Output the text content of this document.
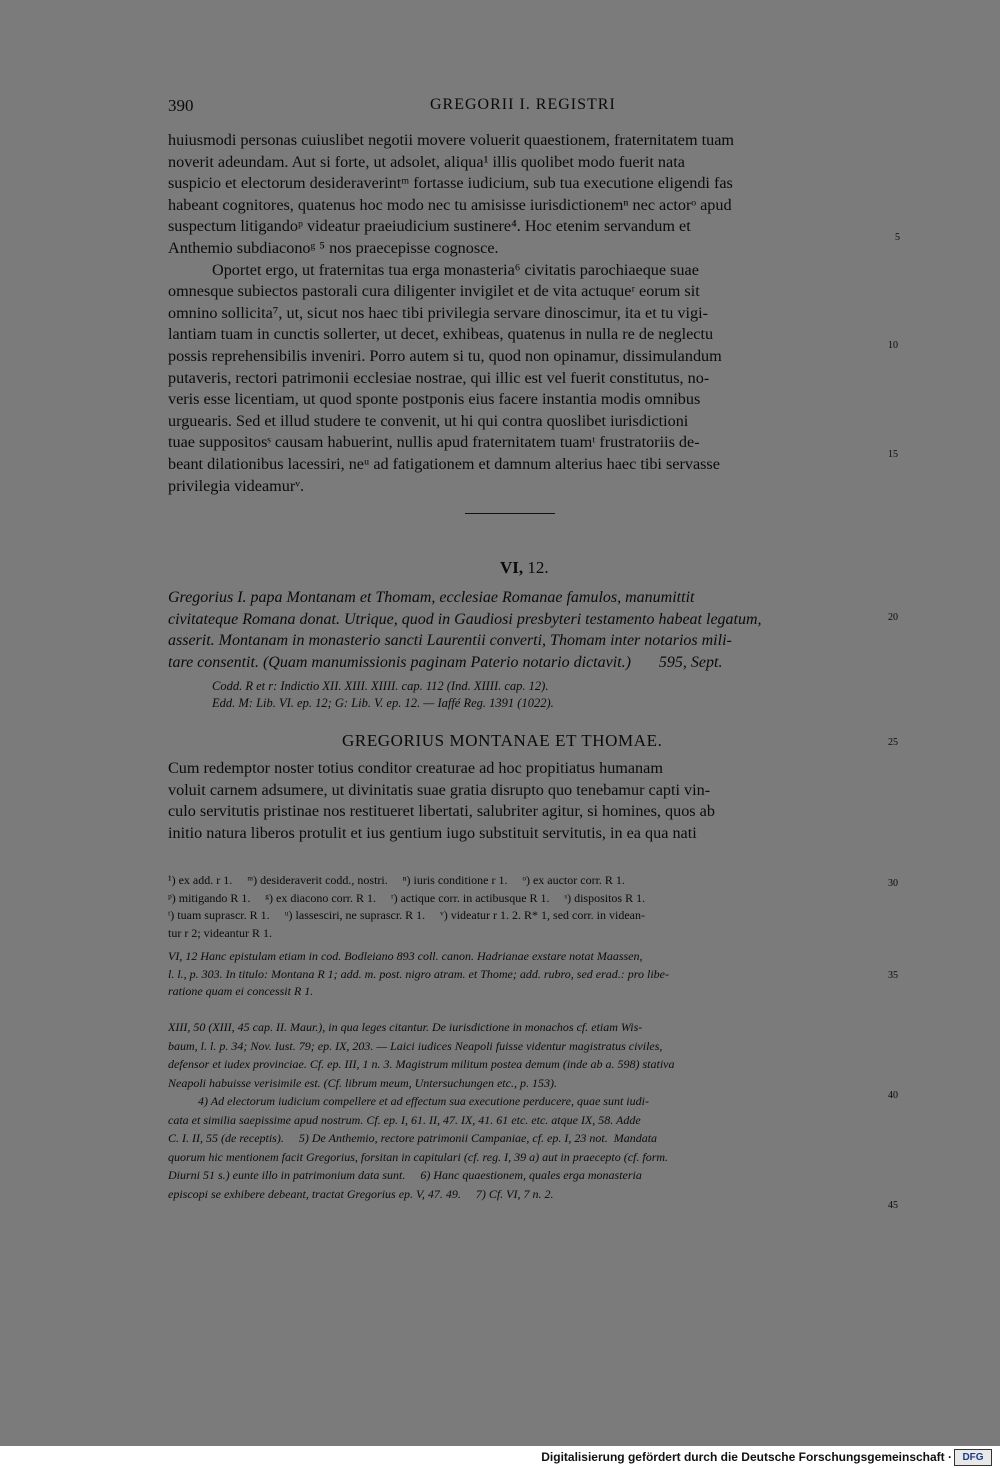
390	GREGORII I. REGISTRI
huiusmodi personas cuiuslibet negotii movere voluerit quaestionem, fraternitatem tuam
noverit adeundam. Aut si forte, ut adsolet, aliqua¹ illis quolibet modo fuerit nata
suspicio et electorum desideraverintᵐ fortasse iudicium, sub tua executione eligendi fas
habeant cognitores, quatenus hoc modo nec tu amisisse iurisdictionemⁿ nec actorᵒ apud
suspectum litigandoᵖ videatur praeiudicium sustinere⁴. Hoc etenim servandum et
Anthemio subdiaconoᵍ ⁵ nos praecepisse cognosce.
Oportet ergo, ut fraternitas tua erga monasteria⁶ civitatis parochiaeque suae
omnesque subiectos pastorali cura diligenter invigilet et de vita actuqueʳ eorum sit
omnino sollicita⁷, ut, sicut nos haec tibi privilegia servare dinoscimur, ita et tu vigi-
lantiam tuam in cunctis sollerter, ut decet, exhibeas, quatenus in nulla re de neglectu
possis reprehensibilis inveniri. Porro autem si tu, quod non opinamur, dissimulandum
putaveris, rectori patrimonii ecclesiae nostrae, qui illic est vel fuerit constitutus, no-
veris esse licentiam, ut quod sponte postponis eius facere instantia modis omnibus
urguearis. Sed et illud studere te convenit, ut hi qui contra quoslibet iurisdictioni
tuae suppositosˢ causam habuerint, nullis apud fraternitatem tuamᵗ frustratoriis de-
beant dilationibus lacessiri, neᵘ ad fatigationem et damnum alterius haec tibi servasse
privilegia videamurᵛ.
5
10
15
20
25
30
35
40
45
VI, 12.
Gregorius I. papa Montanam et Thomam, ecclesiae Romanae famulos, manumittit
civitateque Romana donat. Utrique, quod in Gaudiosi presbyteri testamento habeat legatum,
asserit. Montanam in monasterio sancti Laurentii converti, Thomam inter notarios mili-
tare consentit. (Quam manumissionis paginam Paterio notario dictavit.)       595, Sept.
Codd. R et r: Indictio XII. XIII. XIIII. cap. 112 (Ind. XIIII. cap. 12).
Edd. M: Lib. VI. ep. 12; G: Lib. V. ep. 12. — Iaffé Reg. 1391 (1022).
GREGORIUS MONTANAE ET THOMAE.
Cum redemptor noster totius conditor creaturae ad hoc propitiatus humanam
voluit carnem adsumere, ut divinitatis suae gratia disrupto quo tenebamur capti vin-
culo servitutis pristinae nos restitueret libertati, salubriter agitur, si homines, quos ab
initio natura liberos protulit et ius gentium iugo substituit servitutis, in ea qua nati
¹) ex add. r 1.     ᵐ) desideraverit codd., nostri.     ⁿ) iuris conditione r 1.     ᵒ) ex auctor corr. R 1.
ᵖ) mitigando R 1.     ᵍ) ex diacono corr. R 1.     ʳ) actique corr. in actibusque R 1.     ˢ) dispositos R 1.
ᵗ) tuam suprascr. R 1.     ᵘ) lassesciri, ne suprascr. R 1.     ᵛ) videatur r 1. 2. R* 1, sed corr. in videan-
tur r 2; videantur R 1.
VI, 12 Hanc epistulam etiam in cod. Bodleiano 893 coll. canon. Hadrianae exstare notat Maassen,
l. l., p. 303. In titulo: Montana R 1; add. m. post. nigro atram. et Thome; add. rubro, sed erad.: pro libe-
ratione quam ei concessit R 1.
XIII, 50 (XIII, 45 cap. II. Maur.), in qua leges citantur. De iurisdictione in monachos cf. etiam Wis-
baum, l. l. p. 34; Nov. Iust. 79; ep. IX, 203. — Laici iudices Neapoli fuisse videntur magistratus civiles,
defensor et iudex provinciae. Cf. ep. III, 1 n. 3. Magistrum militum postea demum (inde ab a. 598) stativa
Neapoli habuisse verisimile est. (Cf. librum meum, Untersuchungen etc., p. 153).
4) Ad electorum iudicium compellere et ad effectum sua executione perducere, quae sunt iudi-
cata et similia saepissime apud nostrum. Cf. ep. I, 61. II, 47. IX, 41. 61 etc. etc. atque IX, 58. Adde
C. I. II, 55 (de receptis).     5) De Anthemio, rectore patrimonii Campaniae, cf. ep. I, 23 not.  Mandata
quorum hic mentionem facit Gregorius, forsitan in capitulari (cf. reg. I, 39 a) aut in praecepto (cf. form.
Diurni 51 s.) eunte illo in patrimonium data sunt.     6) Hanc quaestionem, quales erga monasteria
episcopi se exhibere debeant, tractat Gregorius ep. V, 47. 49.     7) Cf. VI, 7 n. 2.
Digitalisierung gefördert durch die Deutsche Forschungsgemeinschaft ·	DFG
